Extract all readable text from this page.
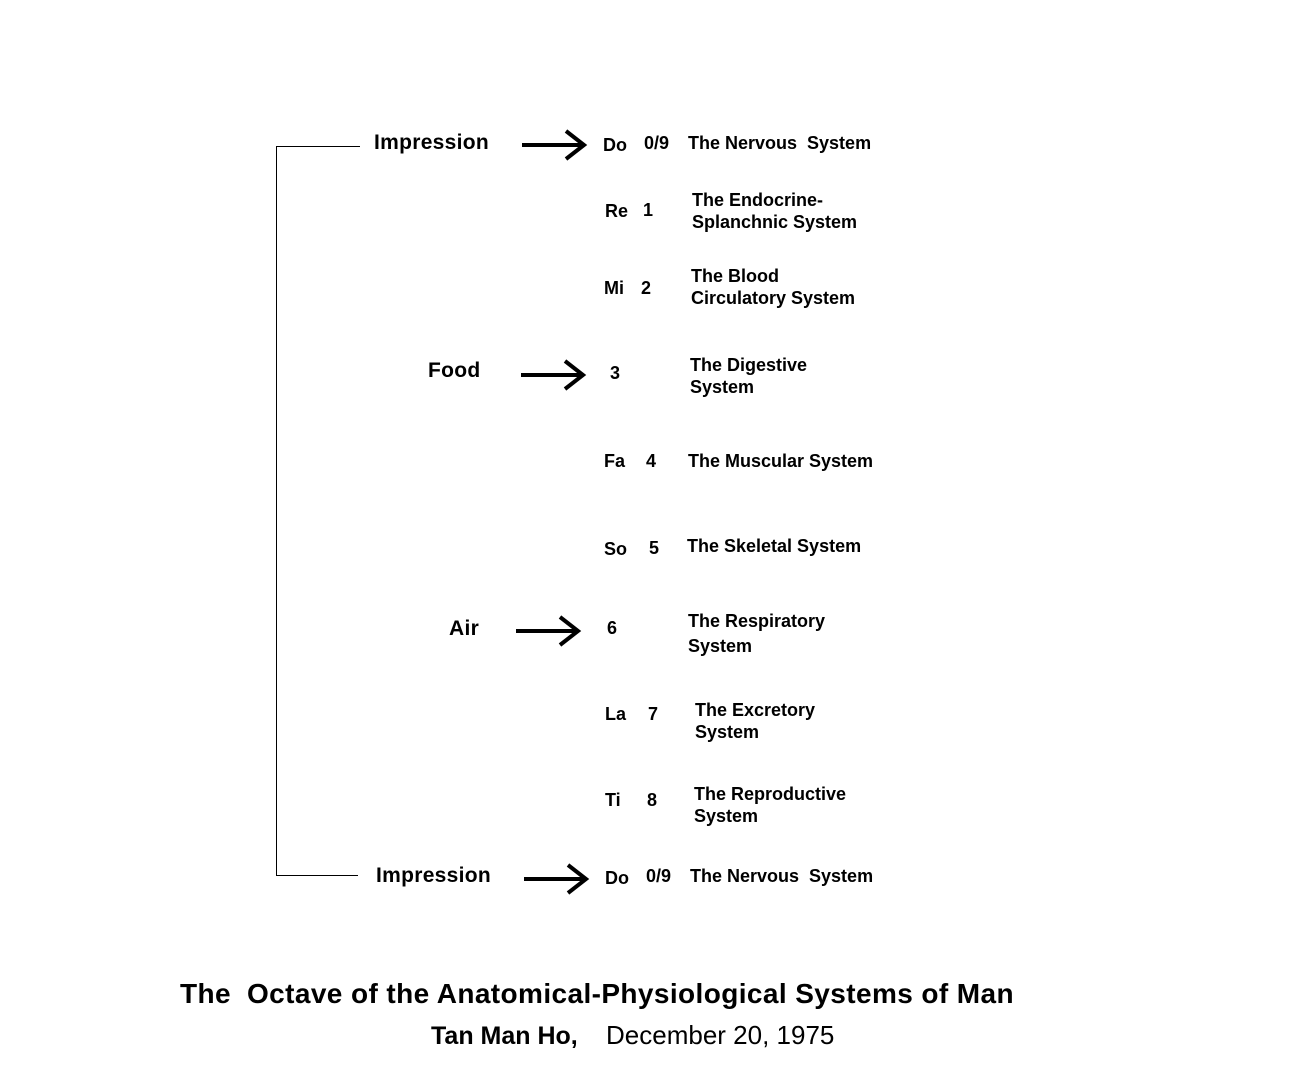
Impression
Food
Air
Impression
Do 0/9 The Nervous  System
Re 1 The Endocrine-
Splanchnic System
Mi 2
The Blood
Circulatory System
3	The Digestive
System
Fa 4 The Muscular System
So 5 The Skeletal System
6	The Respiratory
System
La 7 The Excretory
System
Ti 8 The Reproductive
System
Do 0/9 The Nervous  System
The Octave of the Anatomical-Physiological Systems of Man
Tan Man Ho, December 20, 1975
